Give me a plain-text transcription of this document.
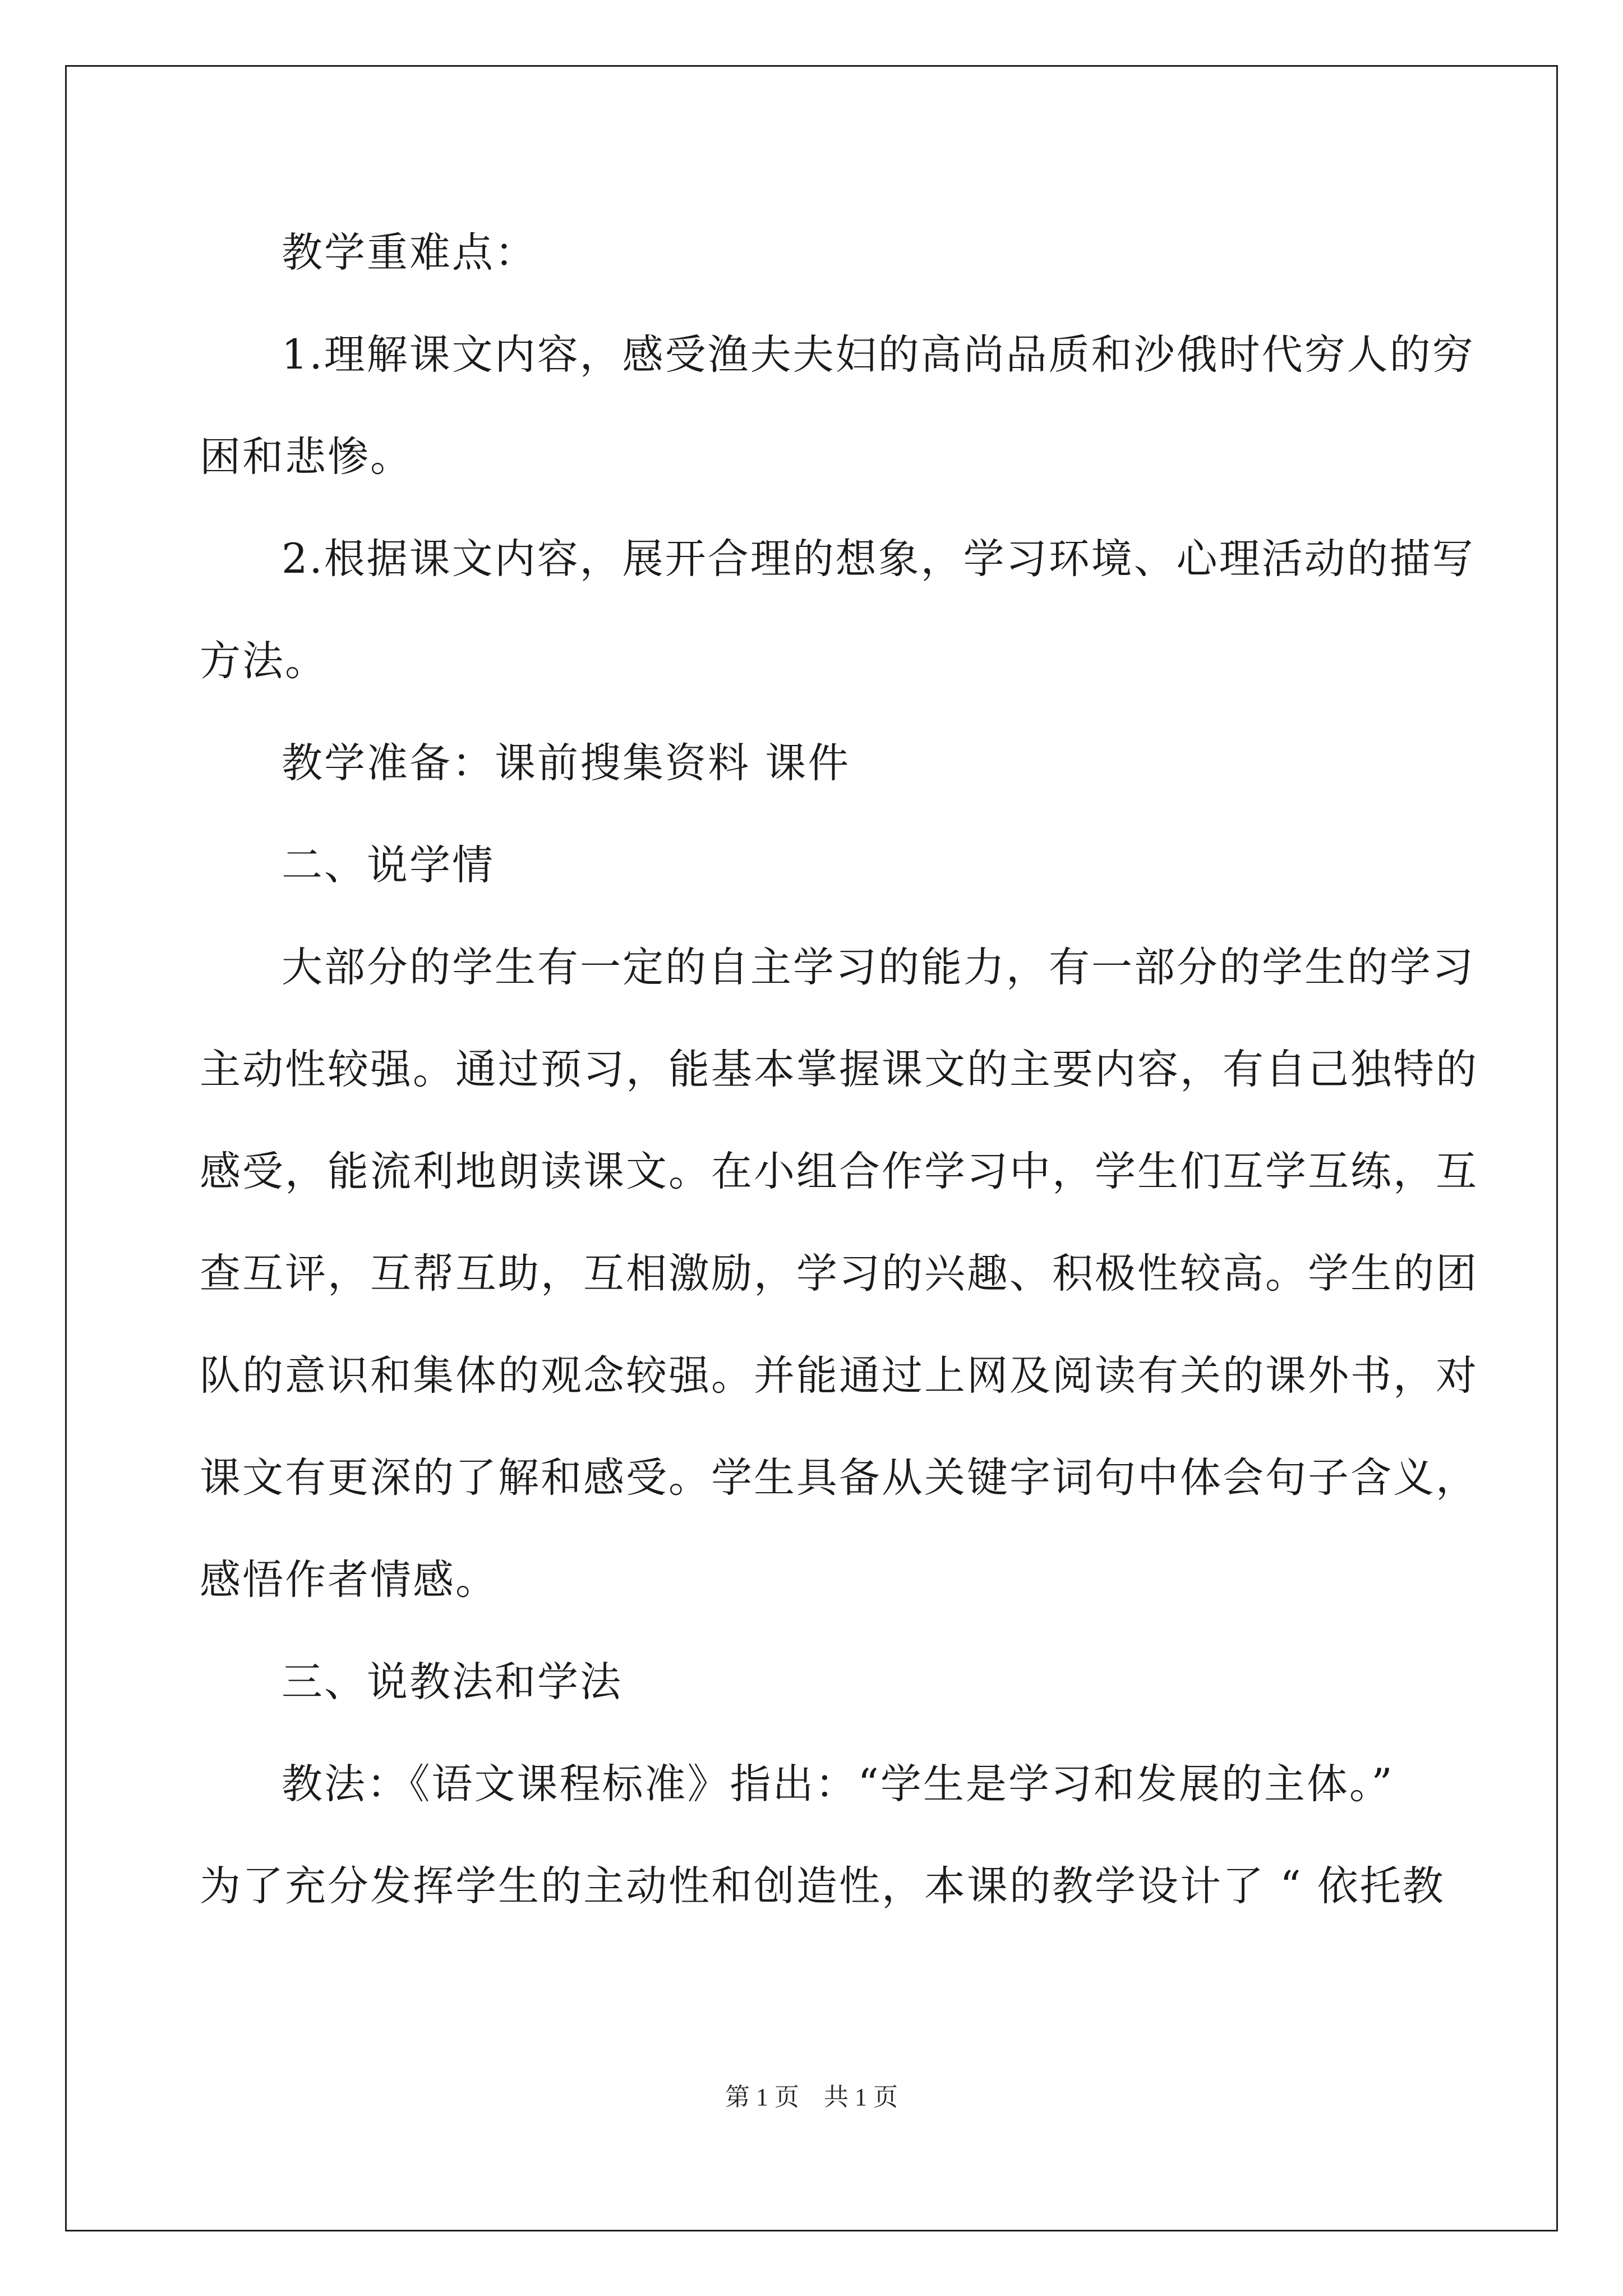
教学重难点：

1.理解课文内容，感受渔夫夫妇的高尚品质和沙俄时代穷人的穷

困和悲惨。

2.根据课文内容，展开合理的想象，学习环境、心理活动的描写

方法。

教学准备：课前搜集资料 课件

二、说学情

大部分的学生有一定的自主学习的能力，有一部分的学生的学习

主动性较强。通过预习，能基本掌握课文的主要内容，有自己独特的

感受，能流利地朗读课文。在小组合作学习中，学生们互学互练，互

查互评，互帮互助，互相激励，学习的兴趣、积极性较高。学生的团

队的意识和集体的观念较强。并能通过上网及阅读有关的课外书，对

课文有更深的了解和感受。学生具备从关键字词句中体会句子含义，

感悟作者情感。

三、说教法和学法

教法：《语文课程标准》指出：“学生是学习和发展的主体。”

为了充分发挥学生的主动性和创造性，本课的教学设计了 “ 依托教

第 1 页　共 1 页
